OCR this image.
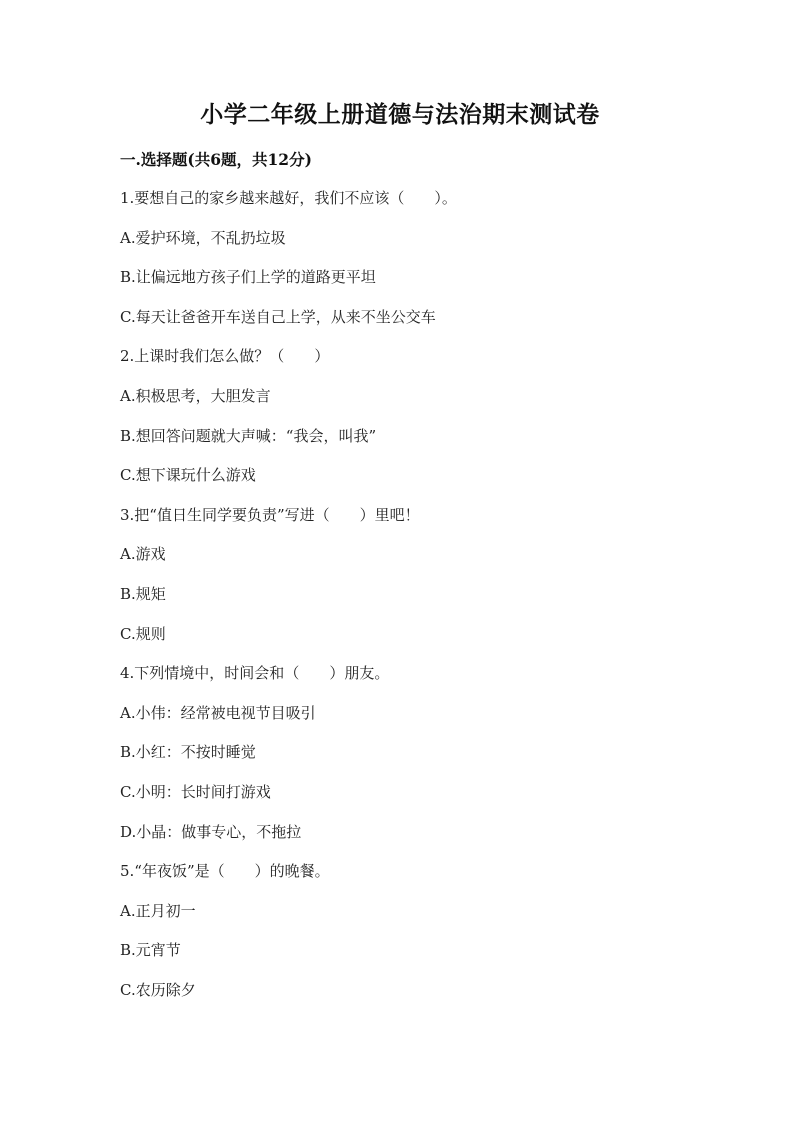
小学二年级上册道德与法治期末测试卷
一.选择题(共6题，共12分)
1.要想自己的家乡越来越好，我们不应该（　　）。
A.爱护环境，不乱扔垃圾
B.让偏远地方孩子们上学的道路更平坦
C.每天让爸爸开车送自己上学，从来不坐公交车
2.上课时我们怎么做？（　　）
A.积极思考，大胆发言
B.想回答问题就大声喊：“我会，叫我”
C.想下课玩什么游戏
3.把“值日生同学要负责”写进（　　）里吧！
A.游戏
B.规矩
C.规则
4.下列情境中，时间会和（　　）朋友。
A.小伟：经常被电视节目吸引
B.小红：不按时睡觉
C.小明：长时间打游戏
D.小晶：做事专心，不拖拉
5.“年夜饭”是（　　）的晚餐。
A.正月初一
B.元宵节
C.农历除夕
